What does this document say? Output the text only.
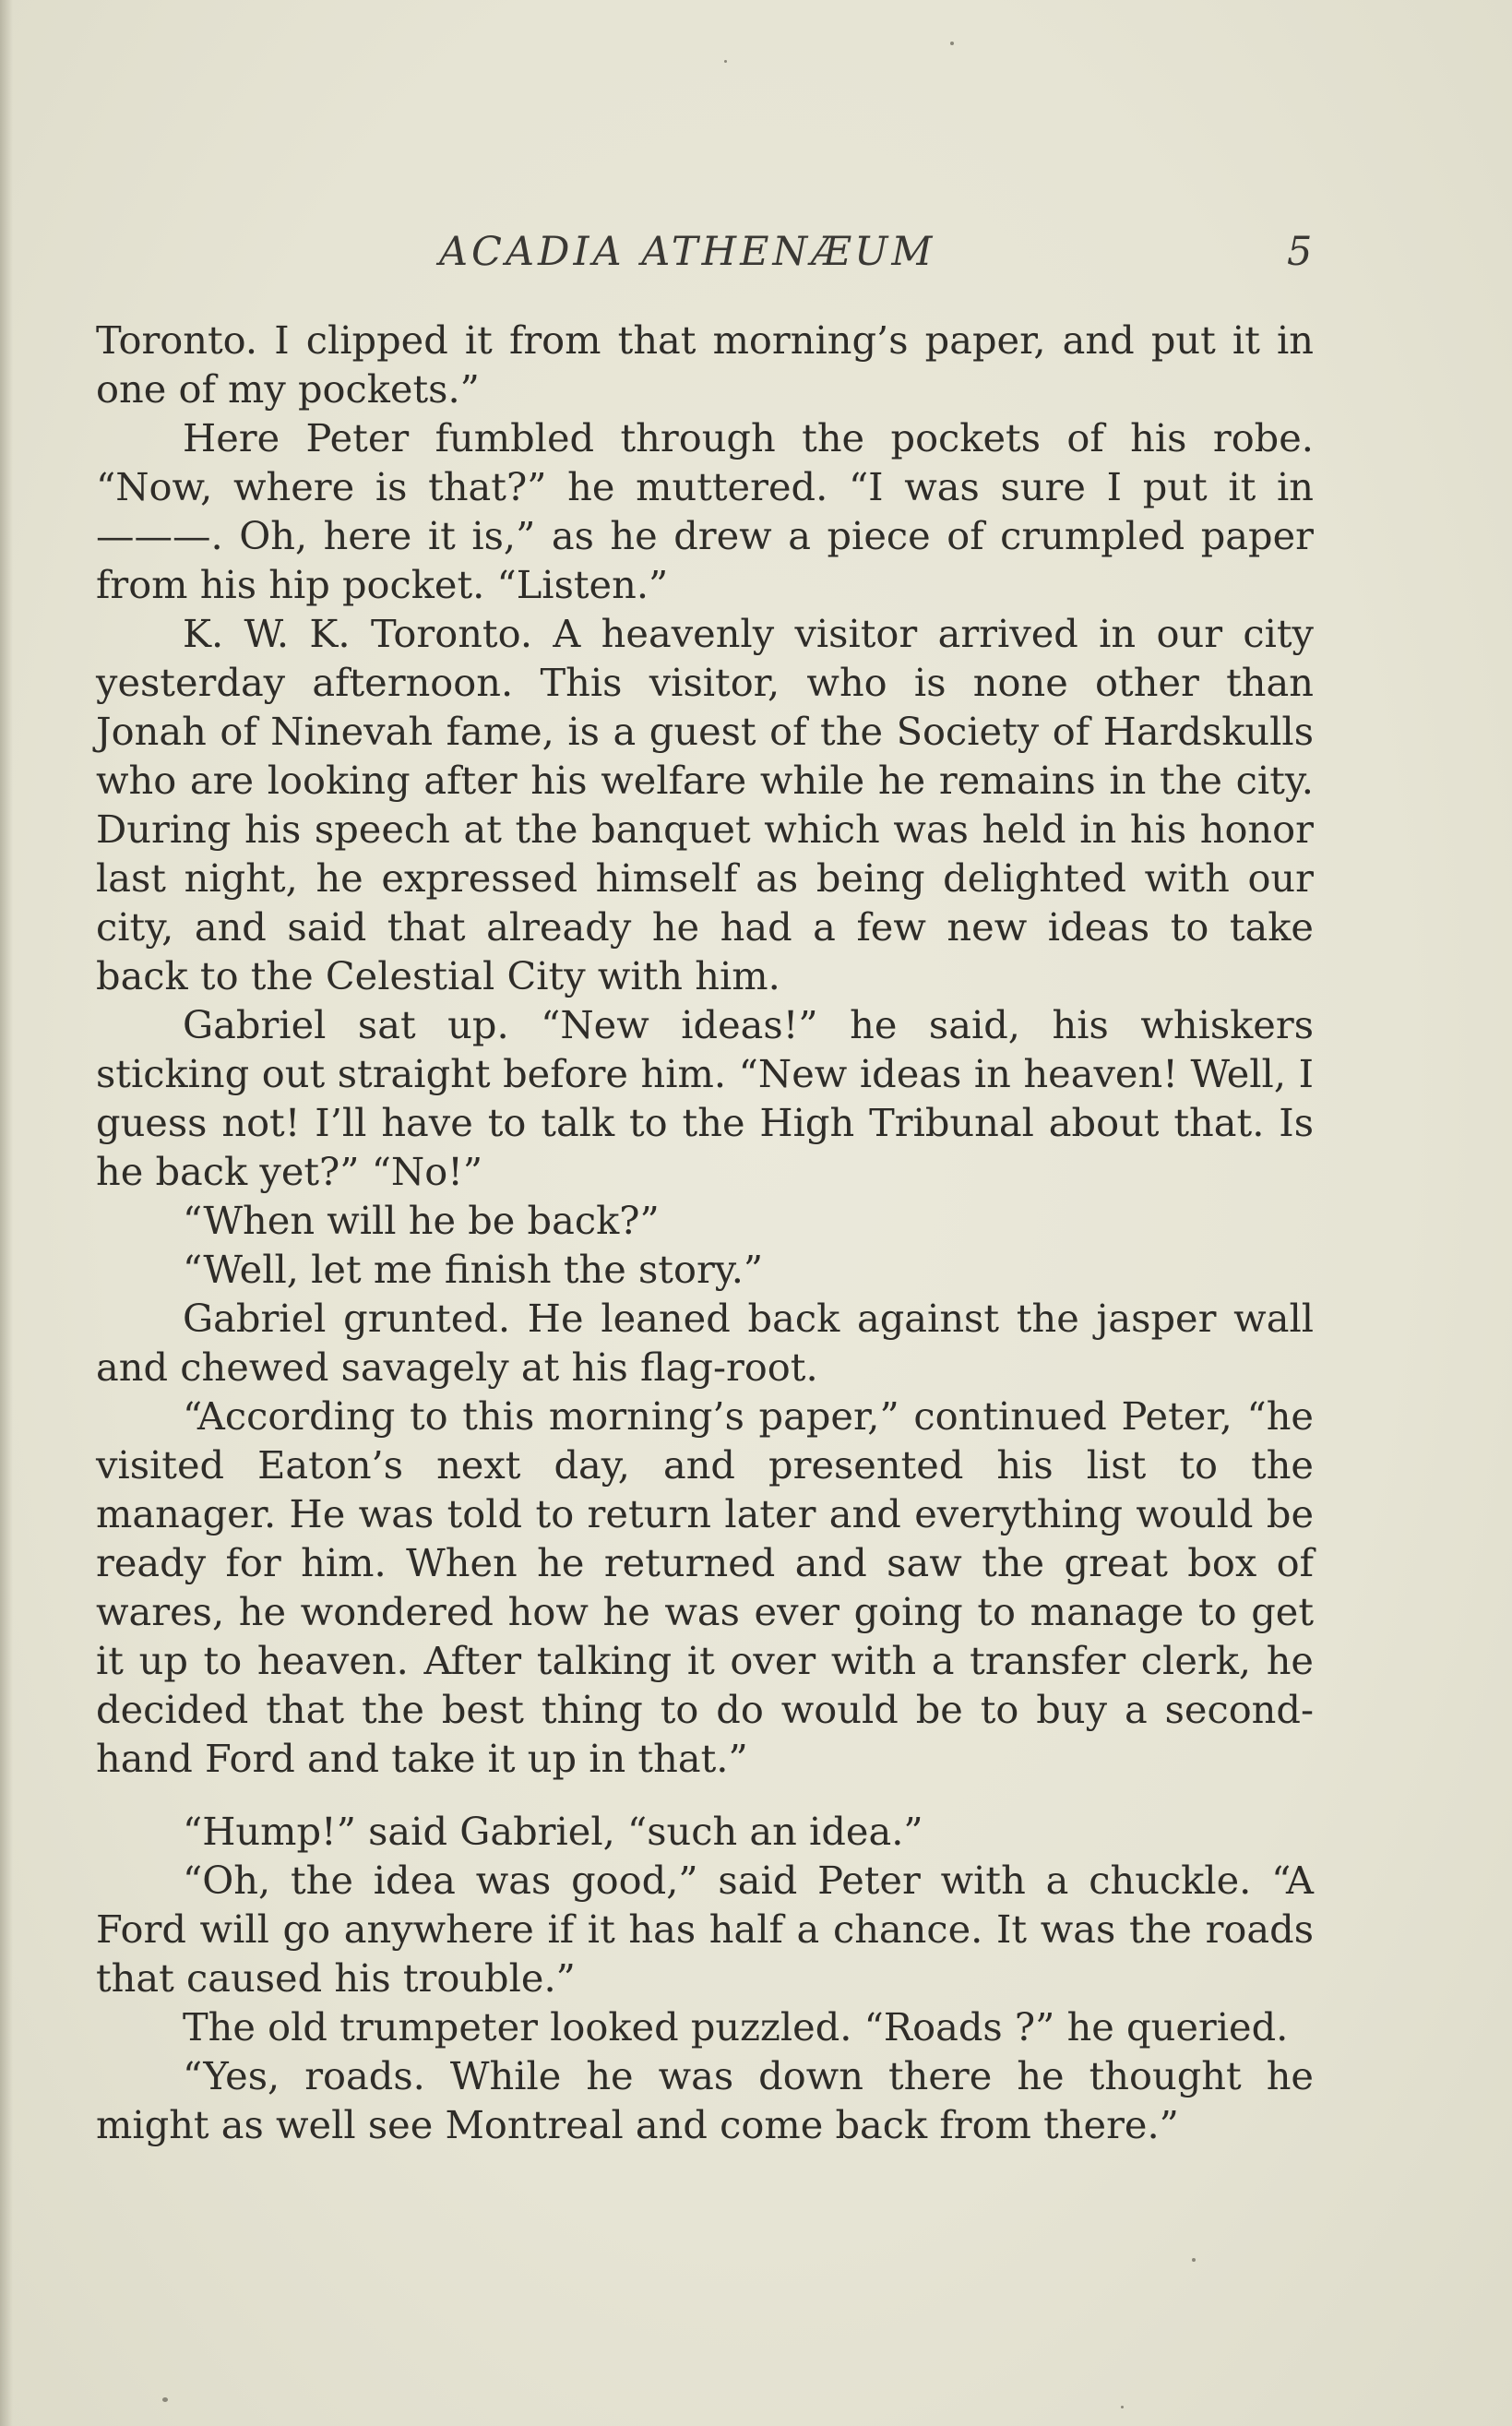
ACADIA ATHENÆUM	5

Toronto. I clipped it from that morning’s paper, and put it in one of my pockets.”

Here Peter fumbled through the pockets of his robe. “Now, where is that?” he muttered. “I was sure I put it in ———. Oh, here it is,” as he drew a piece of crumpled paper from his hip pocket. “Listen.”

K. W. K. Toronto. A heavenly visitor arrived in our city yesterday afternoon. This visitor, who is none other than Jonah of Ninevah fame, is a guest of the Society of Hardskulls who are looking after his welfare while he remains in the city. During his speech at the banquet which was held in his honor last night, he expressed himself as being delighted with our city, and said that already he had a few new ideas to take back to the Celestial City with him.

Gabriel sat up. “New ideas!” he said, his whiskers sticking out straight before him. “New ideas in heaven! Well, I guess not! I’ll have to talk to the High Tribunal about that. Is he back yet?” “No!”

“When will he be back?”

“Well, let me finish the story.”

Gabriel grunted. He leaned back against the jasper wall and chewed savagely at his flag-root.

“According to this morning’s paper,” continued Peter, “he visited Eaton’s next day, and presented his list to the manager. He was told to return later and everything would be ready for him. When he returned and saw the great box of wares, he wondered how he was ever going to manage to get it up to heaven. After talking it over with a transfer clerk, he decided that the best thing to do would be to buy a second-hand Ford and take it up in that.”

“Hump!” said Gabriel, “such an idea.”

“Oh, the idea was good,” said Peter with a chuckle. “A Ford will go anywhere if it has half a chance. It was the roads that caused his trouble.”

The old trumpeter looked puzzled. “Roads ?” he queried.

“Yes, roads. While he was down there he thought he might as well see Montreal and come back from there.”
